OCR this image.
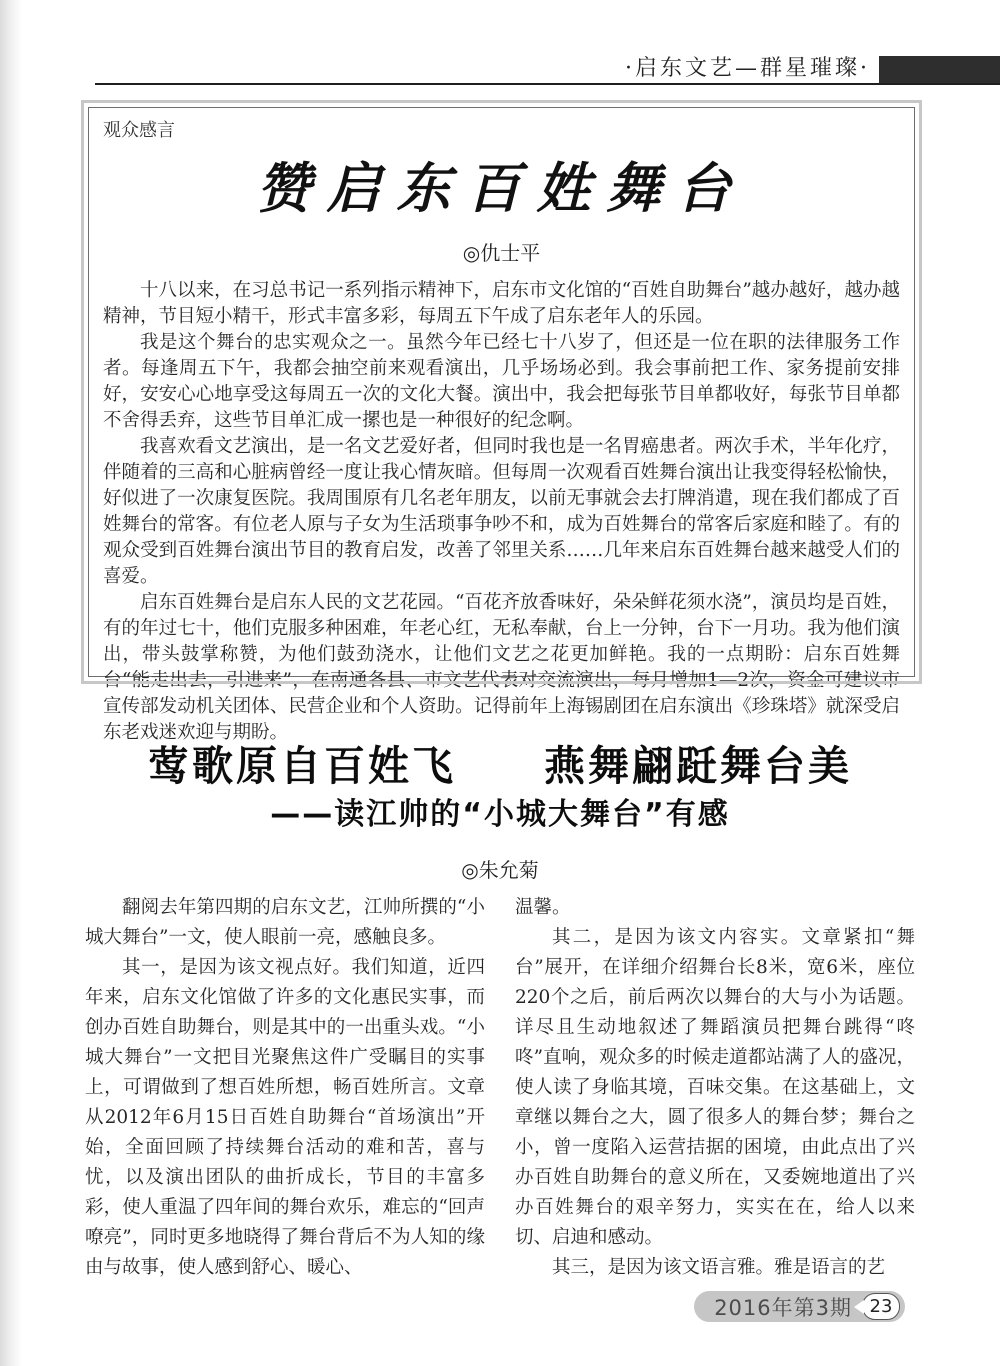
·启东文艺—群星璀璨·
观众感言
赞启东百姓舞台
◎仇士平

十八以来，在习总书记一系列指示精神下，启东市文化馆的“百姓自助舞台”越办越好，越办越精神，节目短小精干，形式丰富多彩，每周五下午成了启东老年人的乐园。

我是这个舞台的忠实观众之一。虽然今年已经七十八岁了，但还是一位在职的法律服务工作者。每逢周五下午，我都会抽空前来观看演出，几乎场场必到。我会事前把工作、家务提前安排好，安安心心地享受这每周五一次的文化大餐。演出中，我会把每张节目单都收好，每张节目单都不舍得丢弃，这些节目单汇成一摞也是一种很好的纪念啊。

我喜欢看文艺演出，是一名文艺爱好者，但同时我也是一名胃癌患者。两次手术，半年化疗，伴随着的三高和心脏病曾经一度让我心情灰暗。但每周一次观看百姓舞台演出让我变得轻松愉快，好似进了一次康复医院。我周围原有几名老年朋友，以前无事就会去打牌消遣，现在我们都成了百姓舞台的常客。有位老人原与子女为生活琐事争吵不和，成为百姓舞台的常客后家庭和睦了。有的观众受到百姓舞台演出节目的教育启发，改善了邻里关系……几年来启东百姓舞台越来越受人们的喜爱。

启东百姓舞台是启东人民的文艺花园。“百花齐放香味好，朵朵鲜花须水浇”，演员均是百姓，有的年过七十，他们克服多种困难，年老心红，无私奉献，台上一分钟，台下一月功。我为他们演出，带头鼓掌称赞，为他们鼓劲浇水，让他们文艺之花更加鲜艳。我的一点期盼：启东百姓舞台“能走出去，引进来”，在南通各县、市文艺代表对交流演出，每月增加1—2次，资金可建议市宣传部发动机关团体、民营企业和个人资助。记得前年上海锡剧团在启东演出《珍珠塔》就深受启东老戏迷欢迎与期盼。

莺歌原自百姓飞　　燕舞翩跹舞台美
——读江帅的“小城大舞台”有感
◎朱允菊

翻阅去年第四期的启东文艺，江帅所撰的“小城大舞台”一文，使人眼前一亮，感触良多。

其一，是因为该文视点好。我们知道，近四年来，启东文化馆做了许多的文化惠民实事，而创办百姓自助舞台，则是其中的一出重头戏。“小城大舞台”一文把目光聚焦这件广受瞩目的实事上，可谓做到了想百姓所想，畅百姓所言。文章从2012年6月15日百姓自助舞台“首场演出”开始，全面回顾了持续舞台活动的难和苦，喜与忧，以及演出团队的曲折成长，节目的丰富多彩，使人重温了四年间的舞台欢乐，难忘的“回声嘹亮”，同时更多地晓得了舞台背后不为人知的缘由与故事，使人感到舒心、暖心、

温馨。

其二，是因为该文内容实。文章紧扣“舞台”展开，在详细介绍舞台长8米，宽6米，座位220个之后，前后两次以舞台的大与小为话题。详尽且生动地叙述了舞蹈演员把舞台跳得“咚咚”直响，观众多的时候走道都站满了人的盛况，使人读了身临其境，百味交集。在这基础上，文章继以舞台之大，圆了很多人的舞台梦；舞台之小，曾一度陷入运营拮据的困境，由此点出了兴办百姓自助舞台的意义所在，又委婉地道出了兴办百姓舞台的艰辛努力，实实在在，给人以来切、启迪和感动。

其三，是因为该文语言雅。雅是语言的艺

2016年第3期 23
